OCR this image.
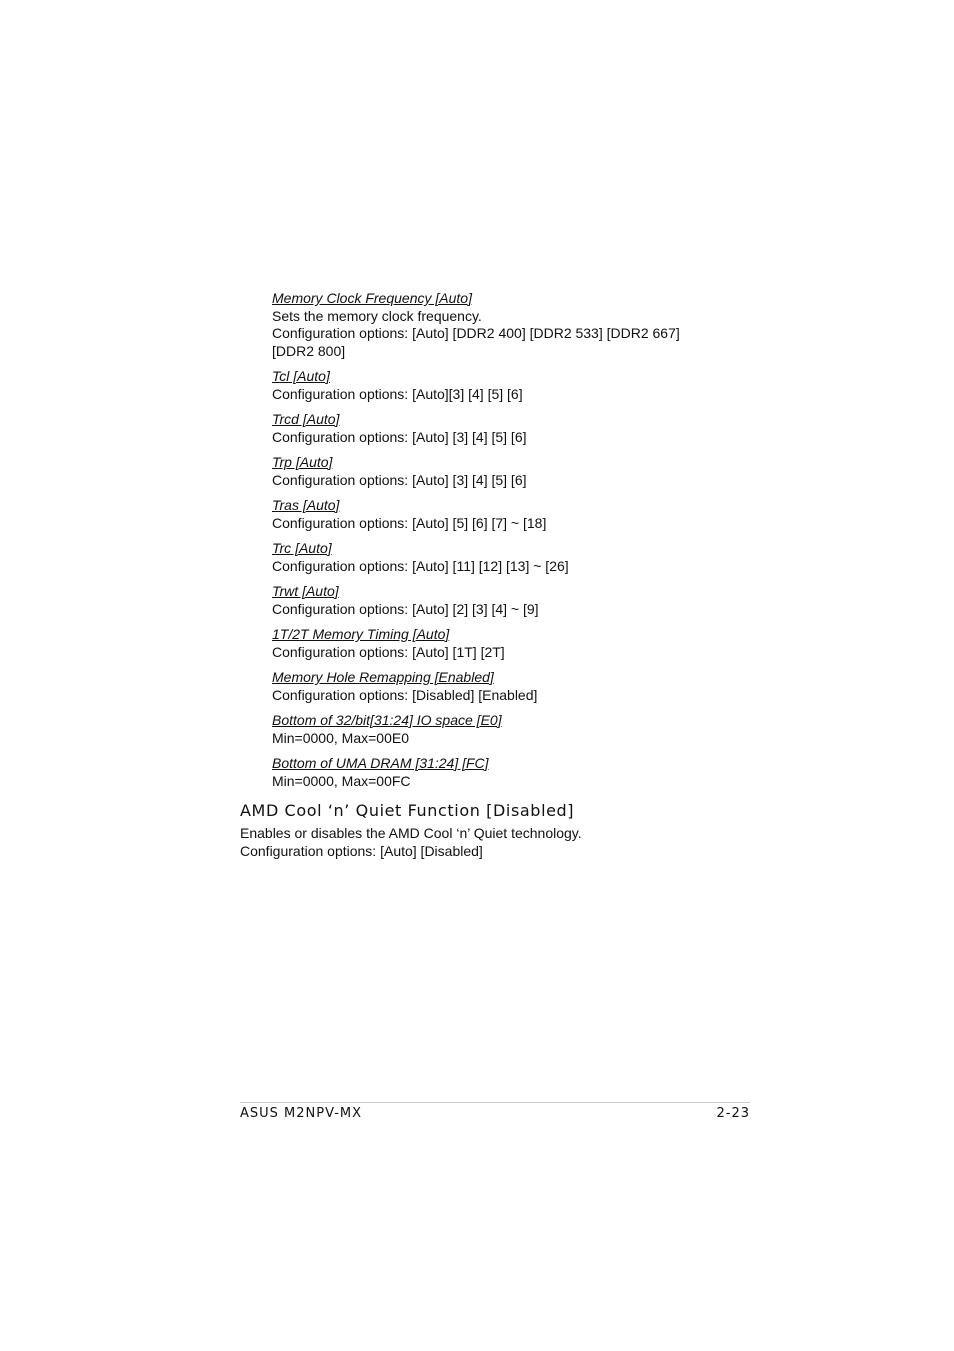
Memory Clock Frequency [Auto]
Sets the memory clock frequency.
Configuration options: [Auto] [DDR2 400] [DDR2 533] [DDR2 667]
[DDR2 800]
Tcl [Auto]
Configuration options: [Auto][3] [4] [5] [6]
Trcd [Auto]
Configuration options: [Auto] [3] [4] [5] [6]
Trp [Auto]
Configuration options: [Auto] [3] [4] [5] [6]
Tras [Auto]
Configuration options: [Auto] [5] [6] [7] ~ [18]
Trc [Auto]
Configuration options: [Auto] [11] [12] [13] ~ [26]
Trwt [Auto]
Configuration options: [Auto] [2] [3] [4] ~ [9]
1T/2T Memory Timing [Auto]
Configuration options: [Auto] [1T] [2T]
Memory Hole Remapping [Enabled]
Configuration options: [Disabled] [Enabled]
Bottom of 32/bit[31:24] IO space [E0]
Min=0000, Max=00E0
Bottom of UMA DRAM [31:24] [FC]
Min=0000, Max=00FC
AMD Cool ‘n’ Quiet Function [Disabled]
Enables or disables the AMD Cool ‘n’ Quiet technology.
Configuration options: [Auto] [Disabled]
ASUS M2NPV-MX	2-23
